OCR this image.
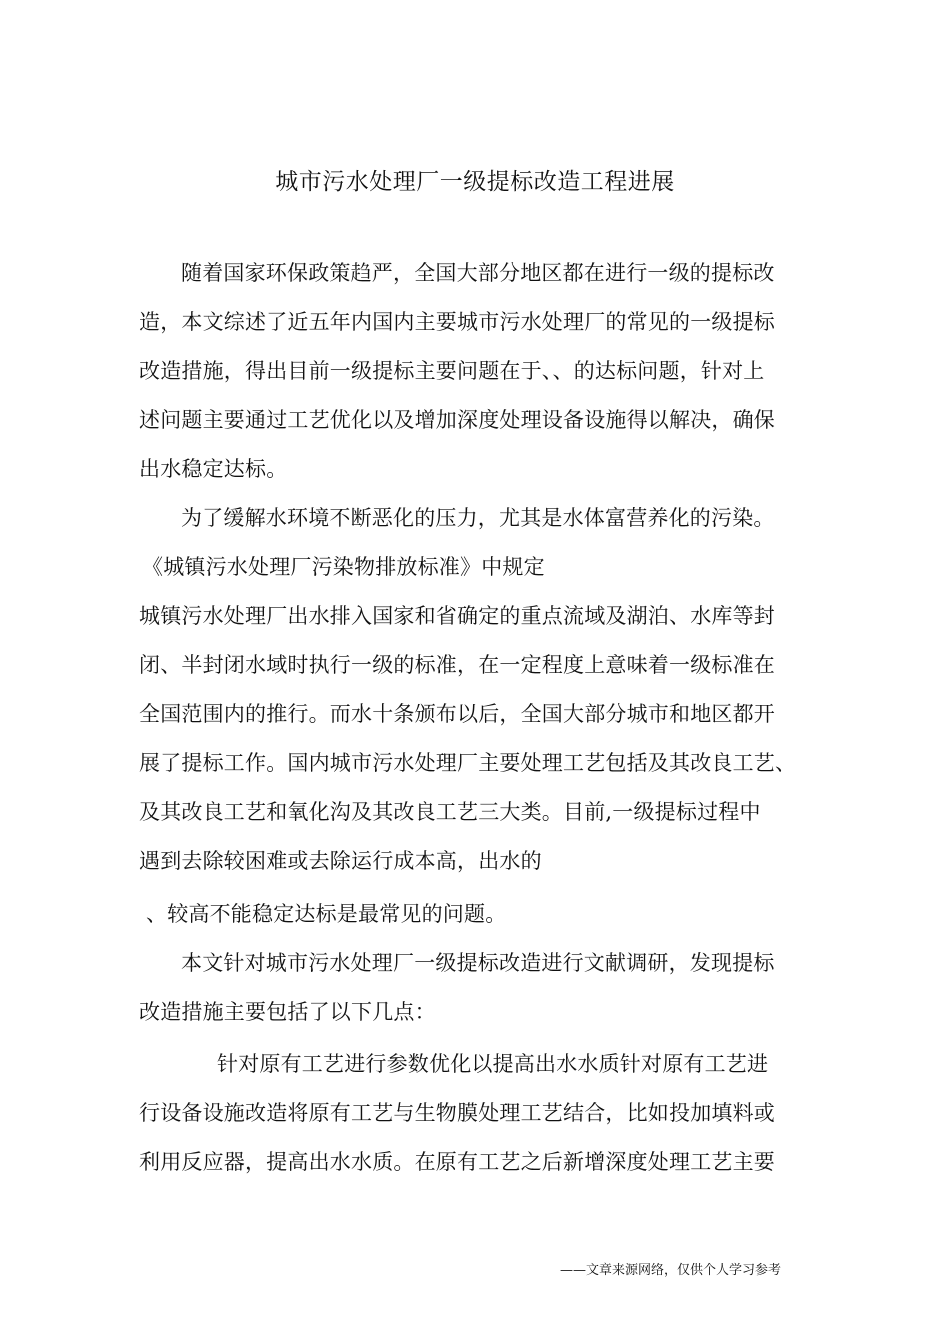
城市污水处理厂一级提标改造工程进展
随着国家环保政策趋严，全国大部分地区都在进行一级的提标改
造，本文综述了近五年内国内主要城市污水处理厂的常见的一级提标
改造措施，得出目前一级提标主要问题在于、、的达标问题，针对上
述问题主要通过工艺优化以及增加深度处理设备设施得以解决，确保
出水稳定达标。
为了缓解水环境不断恶化的压力，尤其是水体富营养化的污染。
《城镇污水处理厂污染物排放标准》中规定
城镇污水处理厂出水排入国家和省确定的重点流域及湖泊、水库等封
闭、半封闭水域时执行一级的标准，在一定程度上意味着一级标准在
全国范围内的推行。而水十条颁布以后，全国大部分城市和地区都开
展了提标工作。国内城市污水处理厂主要处理工艺包括及其改良工艺、
及其改良工艺和氧化沟及其改良工艺三大类。目前,一级提标过程中
遇到去除较困难或去除运行成本高，出水的
、较高不能稳定达标是最常见的问题。
本文针对城市污水处理厂一级提标改造进行文献调研，发现提标
改造措施主要包括了以下几点：
针对原有工艺进行参数优化以提高出水水质针对原有工艺进
行设备设施改造将原有工艺与生物膜处理工艺结合，比如投加填料或
利用反应器，提高出水水质。在原有工艺之后新增深度处理工艺主要
——文章来源网络，仅供个人学习参考
